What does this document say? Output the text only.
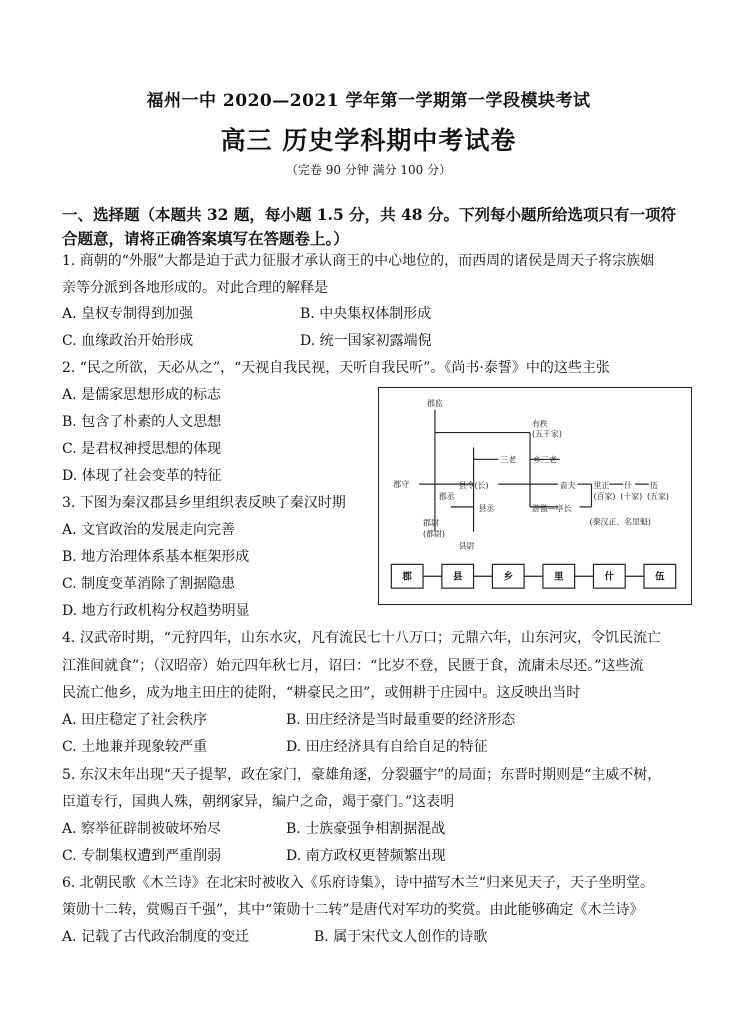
福州一中 2020—2021 学年第一学期第一学段模块考试
高三 历史学科期中考试卷
（完卷 90 分钟 满分 100 分）
一、选择题（本题共 32 题，每小题 1.5 分，共 48 分。下列每小题所给选项只有一项符
合题意，请将正确答案填写在答题卷上。）
1. 商朝的“外服”大都是迫于武力征服才承认商王的中心地位的，而西周的诸侯是周天子将宗族姻
亲等分派到各地形成的。对此合理的解释是
A. 皇权专制得到加强	B. 中央集权体制形成
C. 血缘政治开始形成	D. 统一国家初露端倪
2. “民之所欲，天必从之”，“天视自我民视，天听自我民听”。《尚书·泰誓》中的这些主张
A. 是儒家思想形成的标志
B. 包含了朴素的人文思想
C. 是君权神授思想的体现
D. 体现了社会变革的特征
3. 下图为秦汉郡县乡里组织表反映了秦汉时期
A. 文官政治的发展走向完善
B. 地方治理体系基本框架形成
C. 制度变革消除了割据隐患
D. 地方行政机构分权趋势明显
郡监
郡守
郡丞
郡尉
(都尉)
县令(长)
县丞
县尉
三老
有秩
(五千家)
乡三老
啬夫
游徼—亭长
里正
(百家)
(秦汉正、名里魁)
什
(十家)
伍
(五家)
郡	县	乡	里	什	伍
4. 汉武帝时期，“元狩四年，山东水灾，凡有流民七十八万口；元鼎六年，山东河灾，令饥民流亡
江淮间就食”；（汉昭帝）始元四年秋七月，诏曰：“比岁不登，民匮于食，流庸未尽还。”这些流
民流亡他乡，成为地主田庄的徒附，“耕豪民之田”，或佣耕于庄园中。这反映出当时
A. 田庄稳定了社会秩序	B. 田庄经济是当时最重要的经济形态
C. 土地兼并现象较严重	D. 田庄经济具有自给自足的特征
5. 东汉末年出现“天子提挈，政在家门，豪雄角逐，分裂疆宇”的局面；东晋时期则是“主威不树，
臣道专行，国典人殊，朝纲家异，编户之命，竭于豪门。”这表明
A. 察举征辟制被破坏殆尽	B. 士族豪强争相割据混战
C. 专制集权遭到严重削弱	D. 南方政权更替频繁出现
6. 北朝民歌《木兰诗》在北宋时被收入《乐府诗集》，诗中描写木兰“归来见天子，天子坐明堂。
策勋十二转，赏赐百千强”，其中“策勋十二转”是唐代对军功的奖赏。由此能够确定《木兰诗》
A. 记载了古代政治制度的变迁	B. 属于宋代文人创作的诗歌
